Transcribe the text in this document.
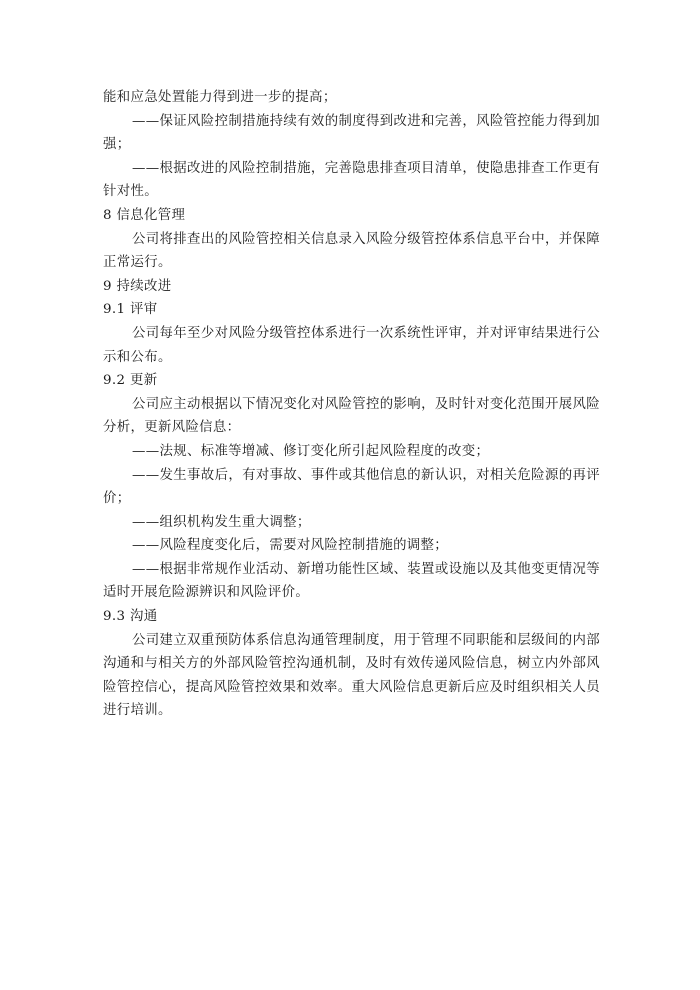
能和应急处置能力得到进一步的提高；

——保证风险控制措施持续有效的制度得到改进和完善，风险管控能力得到加强；

——根据改进的风险控制措施，完善隐患排查项目清单，使隐患排查工作更有针对性。

8 信息化管理

公司将排查出的风险管控相关信息录入风险分级管控体系信息平台中，并保障正常运行。

9 持续改进

9.1 评审

公司每年至少对风险分级管控体系进行一次系统性评审，并对评审结果进行公示和公布。

9.2 更新

公司应主动根据以下情况变化对风险管控的影响，及时针对变化范围开展风险分析，更新风险信息：

——法规、标准等增减、修订变化所引起风险程度的改变；

——发生事故后，有对事故、事件或其他信息的新认识，对相关危险源的再评价；

——组织机构发生重大调整；

——风险程度变化后，需要对风险控制措施的调整；

——根据非常规作业活动、新增功能性区域、装置或设施以及其他变更情况等适时开展危险源辨识和风险评价。

9.3 沟通

公司建立双重预防体系信息沟通管理制度，用于管理不同职能和层级间的内部沟通和与相关方的外部风险管控沟通机制，及时有效传递风险信息，树立内外部风险管控信心，提高风险管控效果和效率。重大风险信息更新后应及时组织相关人员进行培训。
